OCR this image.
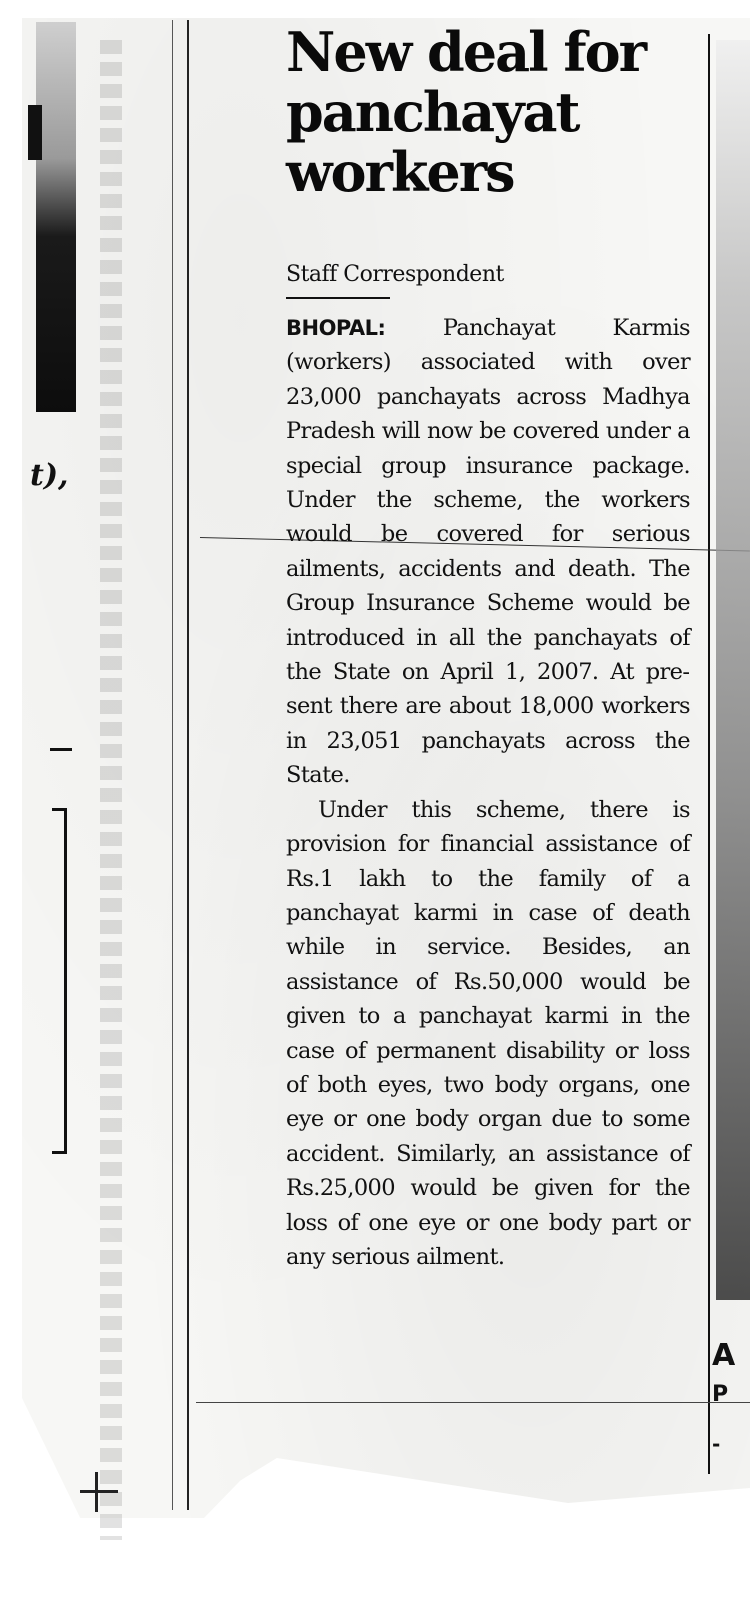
t),
A
P
-
New deal for panchayat workers
Staff Correspondent

BHOPAL:	Panchayat Karmis (workers) associated with over 23,000 panchayats across Madhya Pradesh will now be covered under a special group insurance package. Under the scheme, the workers would be covered for serious ailments, accidents and death. The Group Insurance Scheme would be introduced in all the panchayats of the State on April 1, 2007. At present there are about 18,000 workers in 23,051 panchayats across the State.

Under this scheme, there is provision for financial assistance of Rs.1 lakh to the family of a panchayat karmi in case of death while in service. Besides, an assistance of Rs.50,000 would be given to a panchayat karmi in the case of permanent disability or loss of both eyes, two body organs, one eye or one body organ due to some accident. Similarly, an assistance of Rs.25,000 would be given for the loss of one eye or one body part or any serious ailment.
